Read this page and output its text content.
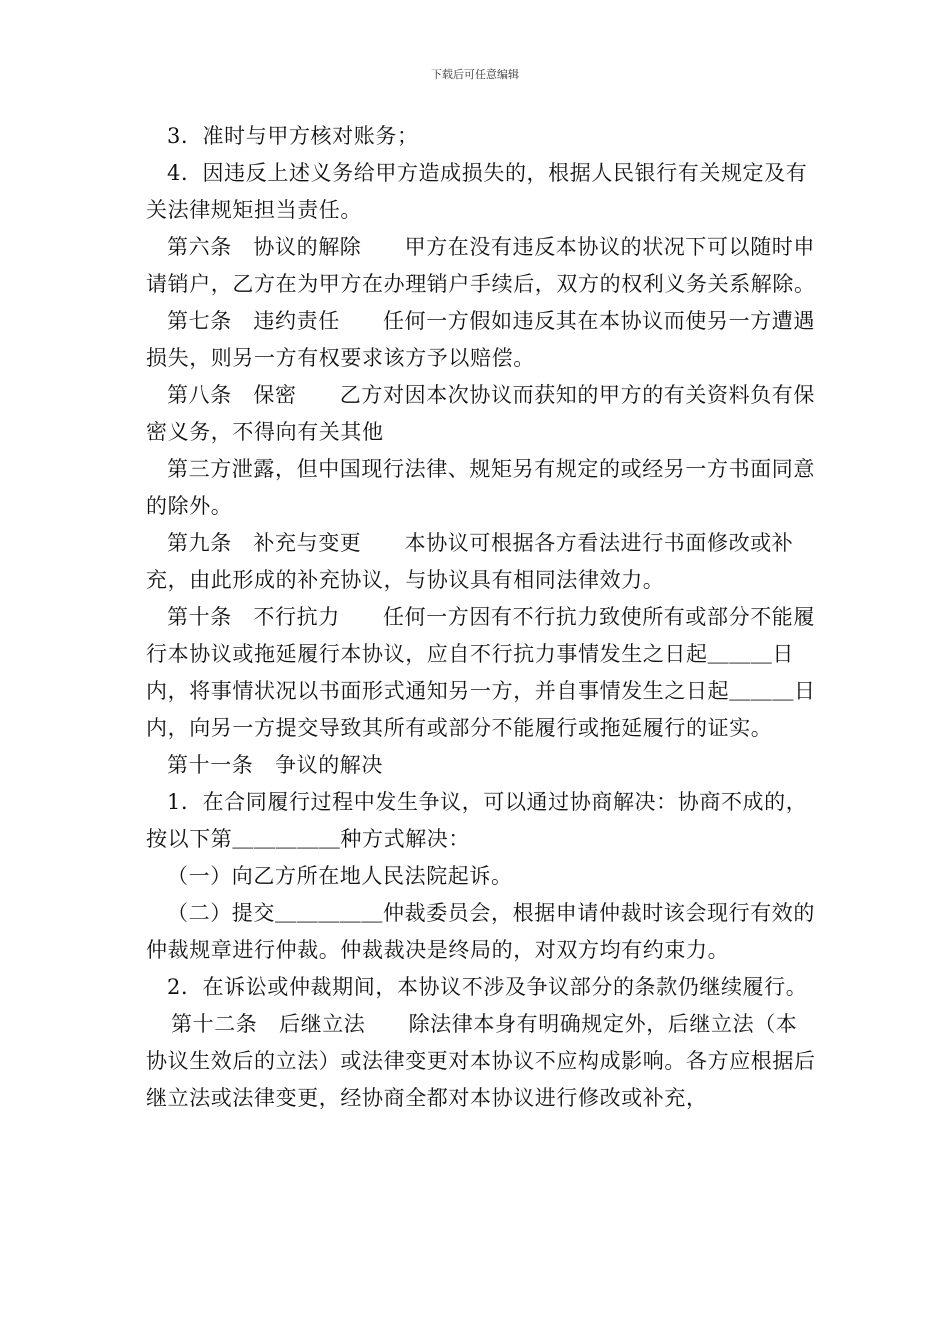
下载后可任意编辑

3．准时与甲方核对账务；

4．因违反上述义务给甲方造成损失的，根据人民银行有关规定及有关法律规矩担当责任。

第六条　协议的解除　　甲方在没有违反本协议的状况下可以随时申请销户，乙方在为甲方在办理销户手续后，双方的权利义务关系解除。

第七条　违约责任　　任何一方假如违反其在本协议而使另一方遭遇损失，则另一方有权要求该方予以赔偿。

第八条　保密　　乙方对因本次协议而获知的甲方的有关资料负有保密义务，不得向有关其他

第三方泄露，但中国现行法律、规矩另有规定的或经另一方书面同意的除外。

第九条　补充与变更　　本协议可根据各方看法进行书面修改或补充，由此形成的补充协议，与协议具有相同法律效力。

第十条　不行抗力　　任何一方因有不行抗力致使所有或部分不能履行本协议或拖延履行本协议，应自不行抗力事情发生之日起＿＿＿日内，将事情状况以书面形式通知另一方，并自事情发生之日起＿＿＿日内，向另一方提交导致其所有或部分不能履行或拖延履行的证实。

第十一条　争议的解决

1．在合同履行过程中发生争议，可以通过协商解决：协商不成的，按以下第＿＿＿＿＿种方式解决：

（一）向乙方所在地人民法院起诉。

（二）提交＿＿＿＿＿仲裁委员会，根据申请仲裁时该会现行有效的仲裁规章进行仲裁。仲裁裁决是终局的，对双方均有约束力。

2．在诉讼或仲裁期间，本协议不涉及争议部分的条款仍继续履行。

第十二条　后继立法　　除法律本身有明确规定外，后继立法（本协议生效后的立法）或法律变更对本协议不应构成影响。各方应根据后继立法或法律变更，经协商全都对本协议进行修改或补充，
